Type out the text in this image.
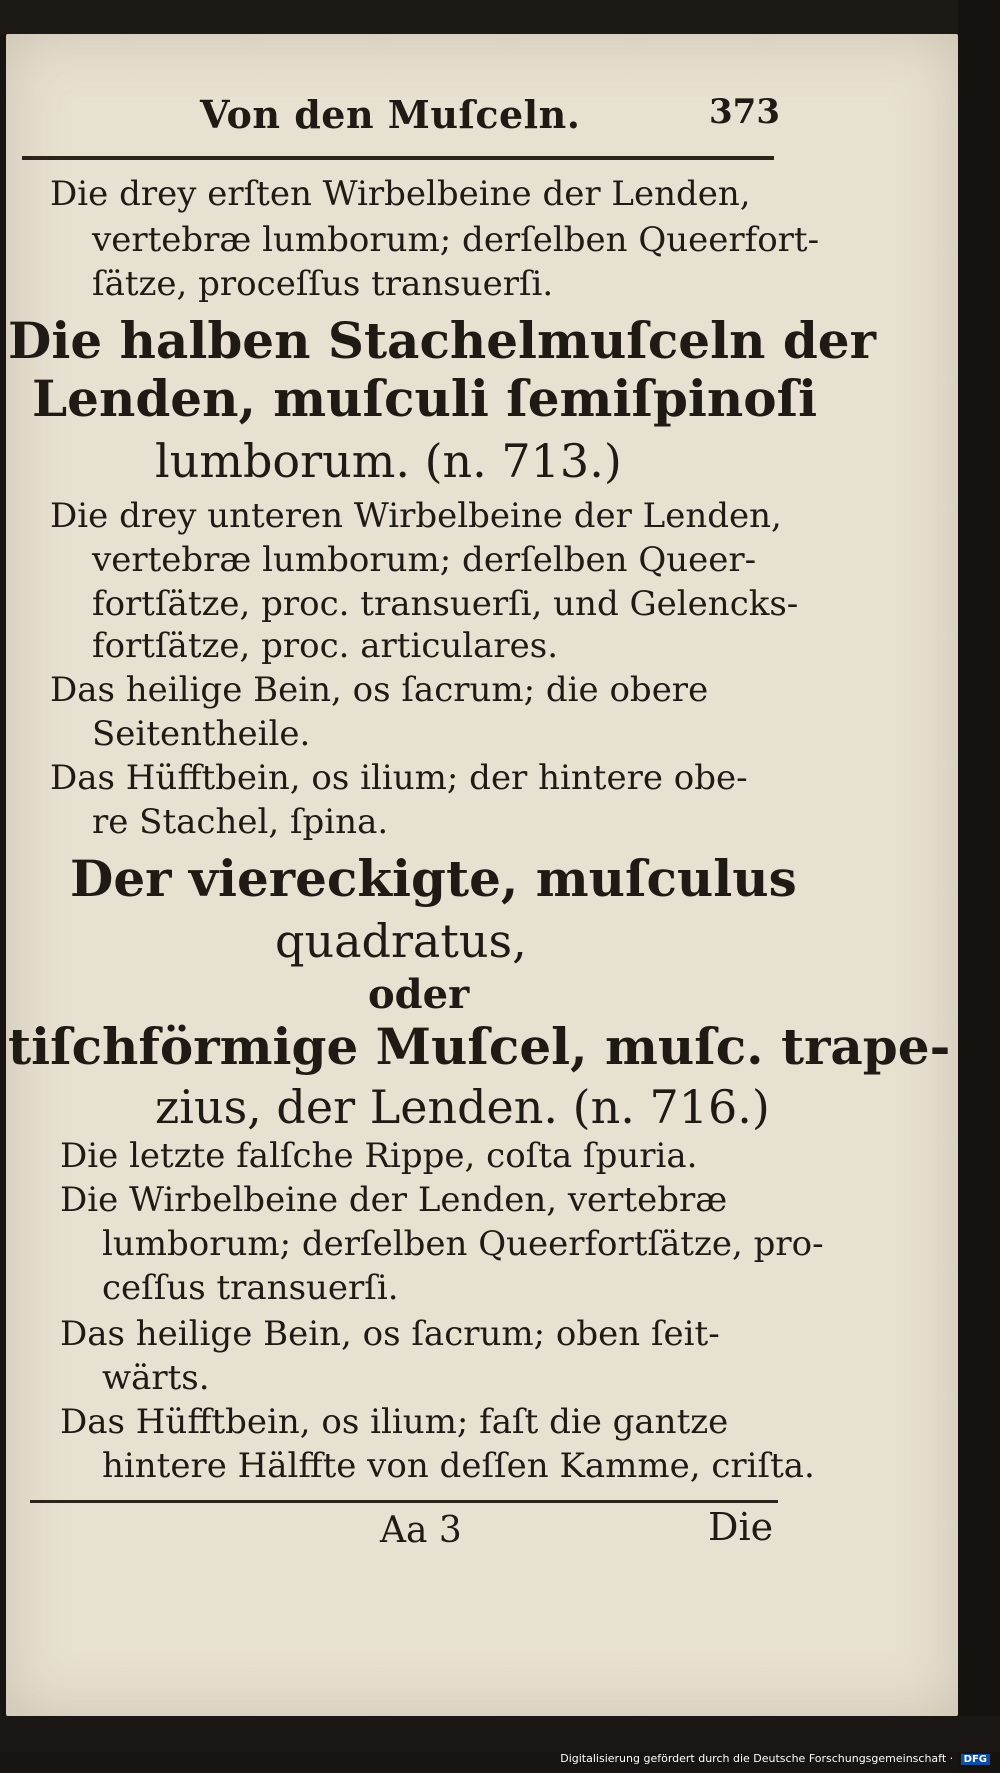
Von den Muſceln.	373
Die drey erſten Wirbelbeine der Lenden,
vertebræ lumborum; derſelben Queerfort-
ſätze, proceſſus transuerſi.
Die halben Stachelmuſceln der
Lenden, muſculi ſemiſpinoſi
lumborum. (n. 713.)
Die drey unteren Wirbelbeine der Lenden,
vertebræ lumborum; derſelben Queer-
fortſätze, proc. transuerſi, und Gelencks-
fortſätze, proc. articulares.
Das heilige Bein, os ſacrum; die obere
Seitentheile.
Das Hüfftbein, os ilium; der hintere obe-
re Stachel, ſpina.
Der viereckigte, muſculus
quadratus,
oder
tiſchförmige Muſcel, muſc. trape-
zius, der Lenden. (n. 716.)
Die letzte falſche Rippe, coſta ſpuria.
Die Wirbelbeine der Lenden, vertebræ
lumborum; derſelben Queerfortſätze, pro-
ceſſus transuerſi.
Das heilige Bein, os ſacrum; oben ſeit-
wärts.
Das Hüfftbein, os ilium; faſt die gantze
hintere Hälffte von deſſen Kamme, criſta.
Aa 3	Die
Digitalisierung gefördert durch die Deutsche Forschungsgemeinschaft · DFG
